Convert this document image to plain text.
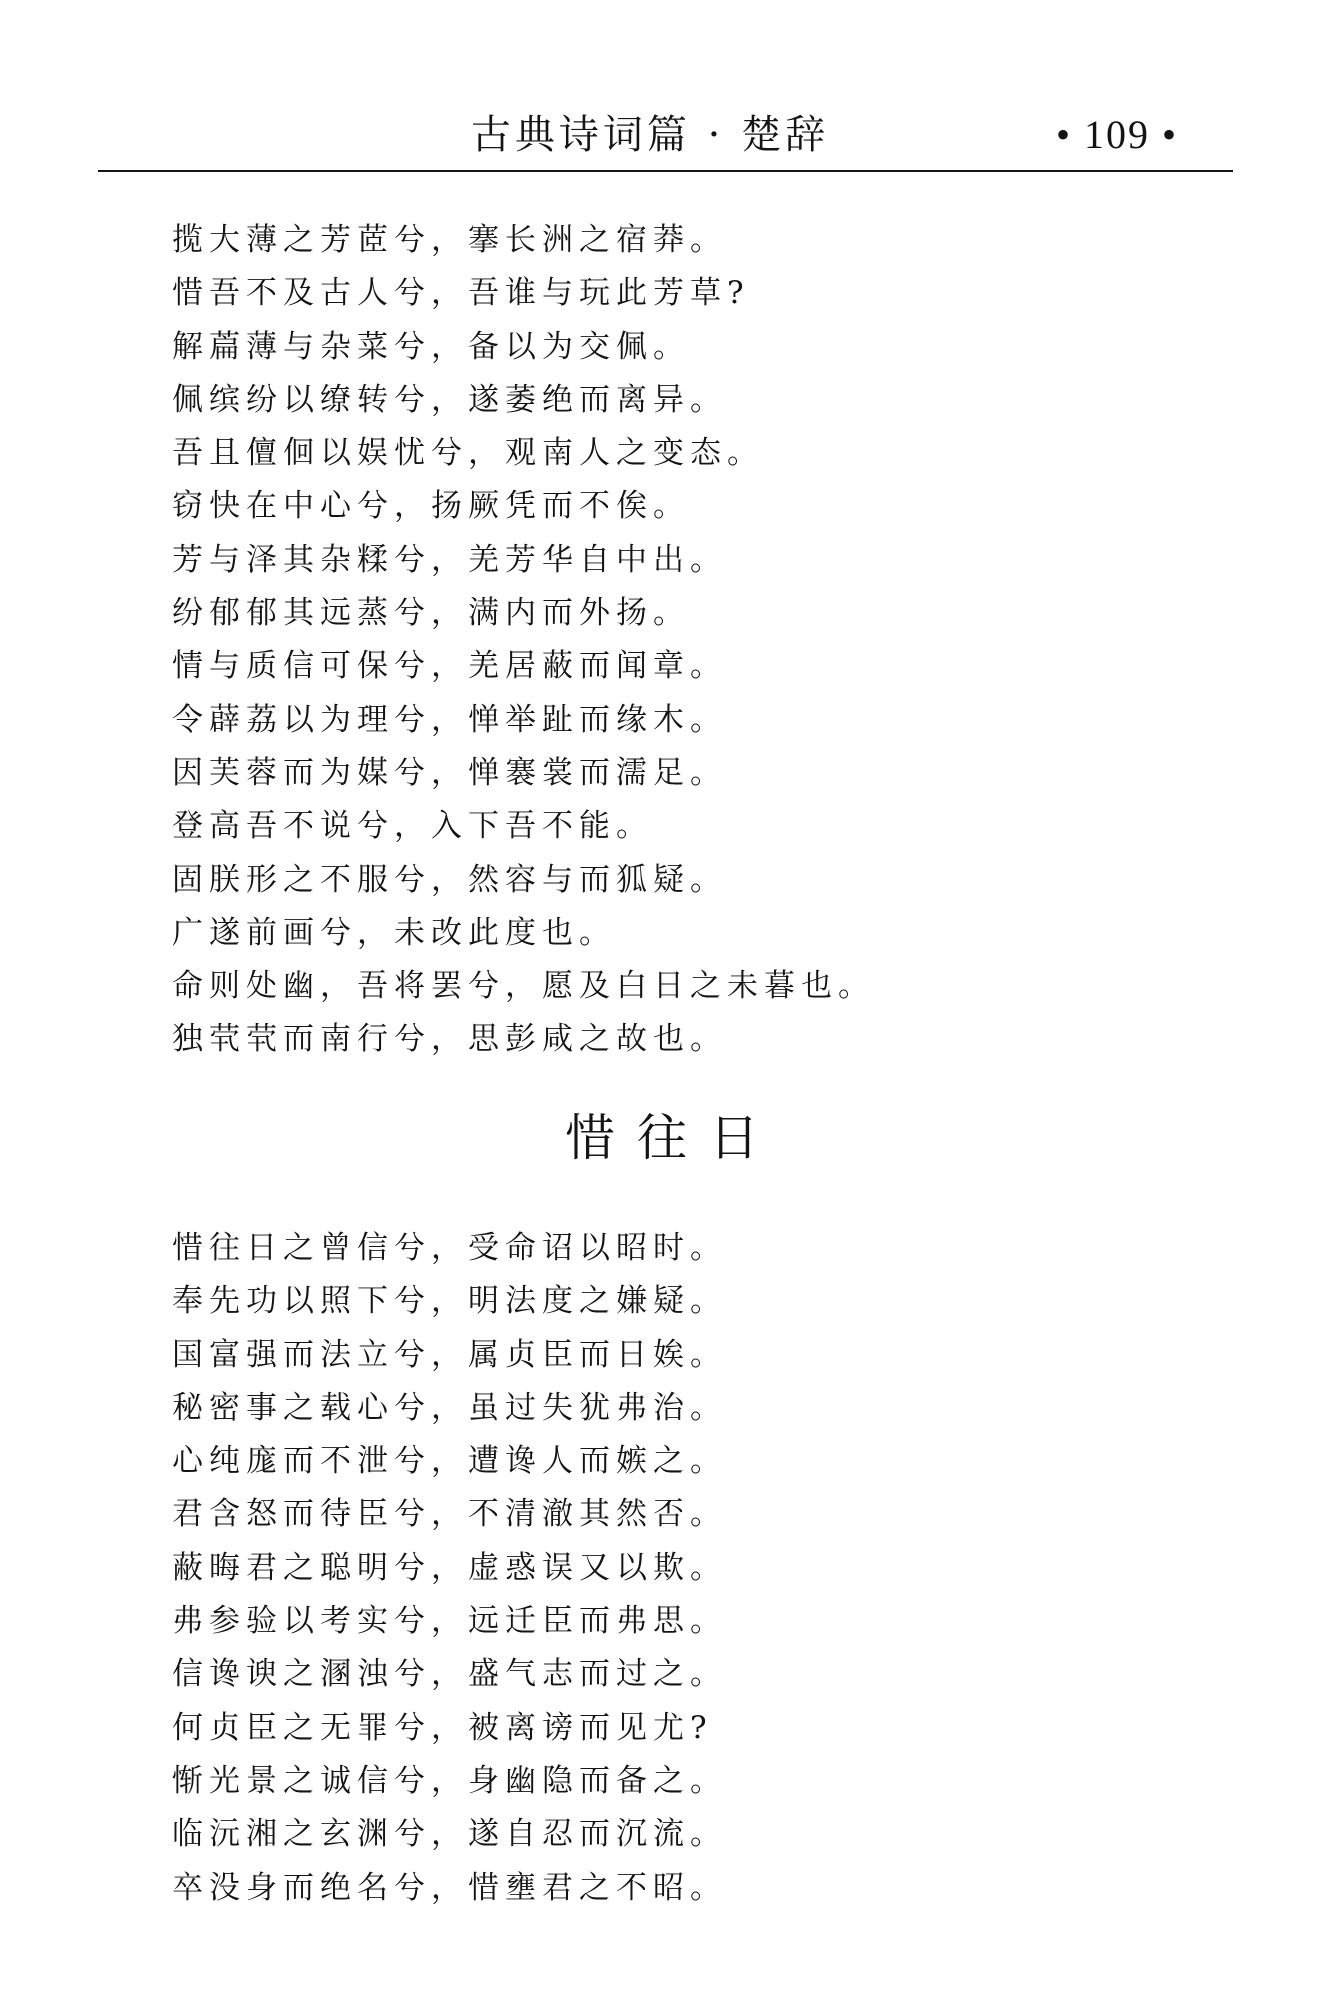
古典诗词篇 · 楚辞	• 109 •
揽大薄之芳茝兮，搴长洲之宿莽。
惜吾不及古人兮，吾谁与玩此芳草?
解萹薄与杂菜兮，备以为交佩。
佩缤纷以缭转兮，遂萎绝而离异。
吾且儃佪以娱忧兮，观南人之变态。
窃快在中心兮，扬厥凭而不俟。
芳与泽其杂糅兮，羌芳华自中出。
纷郁郁其远蒸兮，满内而外扬。
情与质信可保兮，羌居蔽而闻章。
令薜荔以为理兮，惮举趾而缘木。
因芙蓉而为媒兮，惮褰裳而濡足。
登高吾不说兮，入下吾不能。
固朕形之不服兮，然容与而狐疑。
广遂前画兮，未改此度也。
命则处幽，吾将罢兮，愿及白日之未暮也。
独茕茕而南行兮，思彭咸之故也。
惜往日
惜往日之曾信兮，受命诏以昭时。
奉先功以照下兮，明法度之嫌疑。
国富强而法立兮，属贞臣而日娭。
秘密事之载心兮，虽过失犹弗治。
心纯庬而不泄兮，遭谗人而嫉之。
君含怒而待臣兮，不清澈其然否。
蔽晦君之聪明兮，虚惑误又以欺。
弗参验以考实兮，远迁臣而弗思。
信谗谀之溷浊兮，盛气志而过之。
何贞臣之无罪兮，被离谤而见尤?
惭光景之诚信兮，身幽隐而备之。
临沅湘之玄渊兮，遂自忍而沉流。
卒没身而绝名兮，惜壅君之不昭。
